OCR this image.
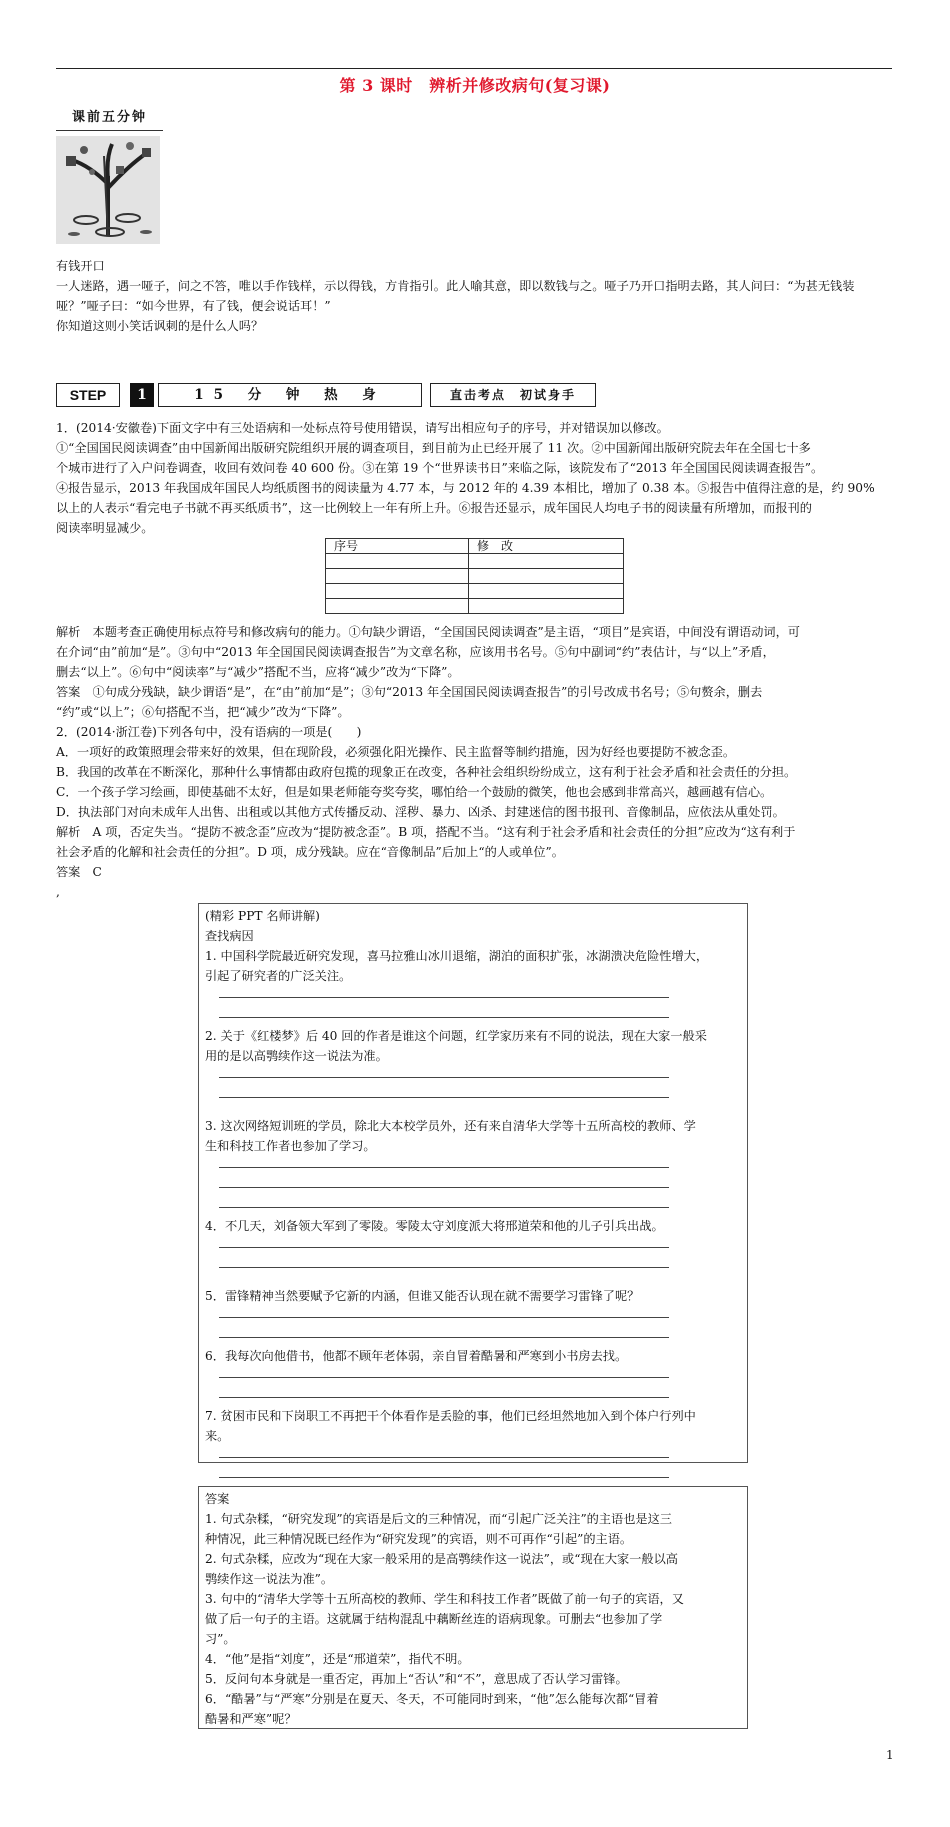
第 3 课时　辨析并修改病句(复习课)
课前五分钟
有钱开口
一人迷路，遇一哑子，问之不答，唯以手作钱样，示以得钱，方肯指引。此人喻其意，即以数钱与之。哑子乃开口指明去路，其人问曰：“为甚无钱装
哑？”哑子曰：“如今世界，有了钱，便会说话耳！”
你知道这则小笑话讽刺的是什么人吗？
STEP	1	15 分 钟 热 身	直击考点　初试身手

1．(2014·安徽卷)下面文字中有三处语病和一处标点符号使用错误，请写出相应句子的序号，并对错误加以修改。

①“全国国民阅读调查”由中国新闻出版研究院组织开展的调查项目，到目前为止已经开展了 11 次。②中国新闻出版研究院去年在全国七十多

个城市进行了入户问卷调查，收回有效问卷 40 600 份。③在第 19 个“世界读书日”来临之际，该院发布了“2013 年全国国民阅读调查报告”。

④报告显示，2013 年我国成年国民人均纸质图书的阅读量为 4.77 本，与 2012 年的 4.39 本相比，增加了 0.38 本。⑤报告中值得注意的是，约 90%

以上的人表示“看完电子书就不再买纸质书”，这一比例较上一年有所上升。⑥报告还显示，成年国民人均电子书的阅读量有所增加，而报刊的

阅读率明显减少。

序号	修　改

解析　本题考查正确使用标点符号和修改病句的能力。①句缺少谓语，“全国国民阅读调查”是主语，“项目”是宾语，中间没有谓语动词，可

在介词“由”前加“是”。③句中“2013 年全国国民阅读调查报告”为文章名称，应该用书名号。⑤句中副词“约”表估计，与“以上”矛盾，

删去“以上”。⑥句中“阅读率”与“减少”搭配不当，应将“减少”改为“下降”。

答案　①句成分残缺，缺少谓语“是”，在“由”前加“是”；③句“2013 年全国国民阅读调查报告”的引号改成书名号；⑤句赘余，删去

“约”或“以上”；⑥句搭配不当，把“减少”改为“下降”。

2．(2014·浙江卷)下列各句中，没有语病的一项是(　　)

A．一项好的政策照理会带来好的效果，但在现阶段，必须强化阳光操作、民主监督等制约措施，因为好经也要提防不被念歪。

B．我国的改革在不断深化，那种什么事情都由政府包揽的现象正在改变，各种社会组织纷纷成立，这有利于社会矛盾和社会责任的分担。

C．一个孩子学习绘画，即使基础不太好，但是如果老师能夸奖夸奖，哪怕给一个鼓励的微笑，他也会感到非常高兴，越画越有信心。

D．执法部门对向未成年人出售、出租或以其他方式传播反动、淫秽、暴力、凶杀、封建迷信的图书报刊、音像制品，应依法从重处罚。

解析　A 项，否定失当。“提防不被念歪”应改为“提防被念歪”。B 项，搭配不当。“这有利于社会矛盾和社会责任的分担”应改为“这有利于

社会矛盾的化解和社会责任的分担”。D 项，成分残缺。应在“音像制品”后加上“的人或单位”。

答案　C

,

(精彩 PPT 名师讲解)

查找病因

1. 中国科学院最近研究发现，喜马拉雅山冰川退缩，湖泊的面积扩张，冰湖溃决危险性增大，

引起了研究者的广泛关注。

2. 关于《红楼梦》后 40 回的作者是谁这个问题，红学家历来有不同的说法，现在大家一般采

用的是以高鹗续作这一说法为准。

3. 这次网络短训班的学员，除北大本校学员外，还有来自清华大学等十五所高校的教师、学

生和科技工作者也参加了学习。

4．不几天，刘备领大军到了零陵。零陵太守刘度派大将邢道荣和他的儿子引兵出战。

5．雷锋精神当然要赋予它新的内涵，但谁又能否认现在就不需要学习雷锋了呢？

6．我每次向他借书，他都不顾年老体弱，亲自冒着酷暑和严寒到小书房去找。

7. 贫困市民和下岗职工不再把干个体看作是丢脸的事，他们已经坦然地加入到个体户行列中

来。

答案

1. 句式杂糅，“研究发现”的宾语是后文的三种情况，而“引起广泛关注”的主语也是这三

种情况，此三种情况既已经作为“研究发现”的宾语，则不可再作“引起”的主语。

2. 句式杂糅，应改为“现在大家一般采用的是高鹗续作这一说法”，或“现在大家一般以高

鹗续作这一说法为准”。

3. 句中的“清华大学等十五所高校的教师、学生和科技工作者”既做了前一句子的宾语，又

做了后一句子的主语。这就属于结构混乱中藕断丝连的语病现象。可删去“也参加了学

习”。

4．“他”是指“刘度”，还是“邢道荣”，指代不明。

5．反问句本身就是一重否定，再加上“否认”和“不”，意思成了否认学习雷锋。

6．“酷暑”与“严寒”分别是在夏天、冬天，不可能同时到来，“他”怎么能每次都“冒着

酷暑和严寒”呢？

1
